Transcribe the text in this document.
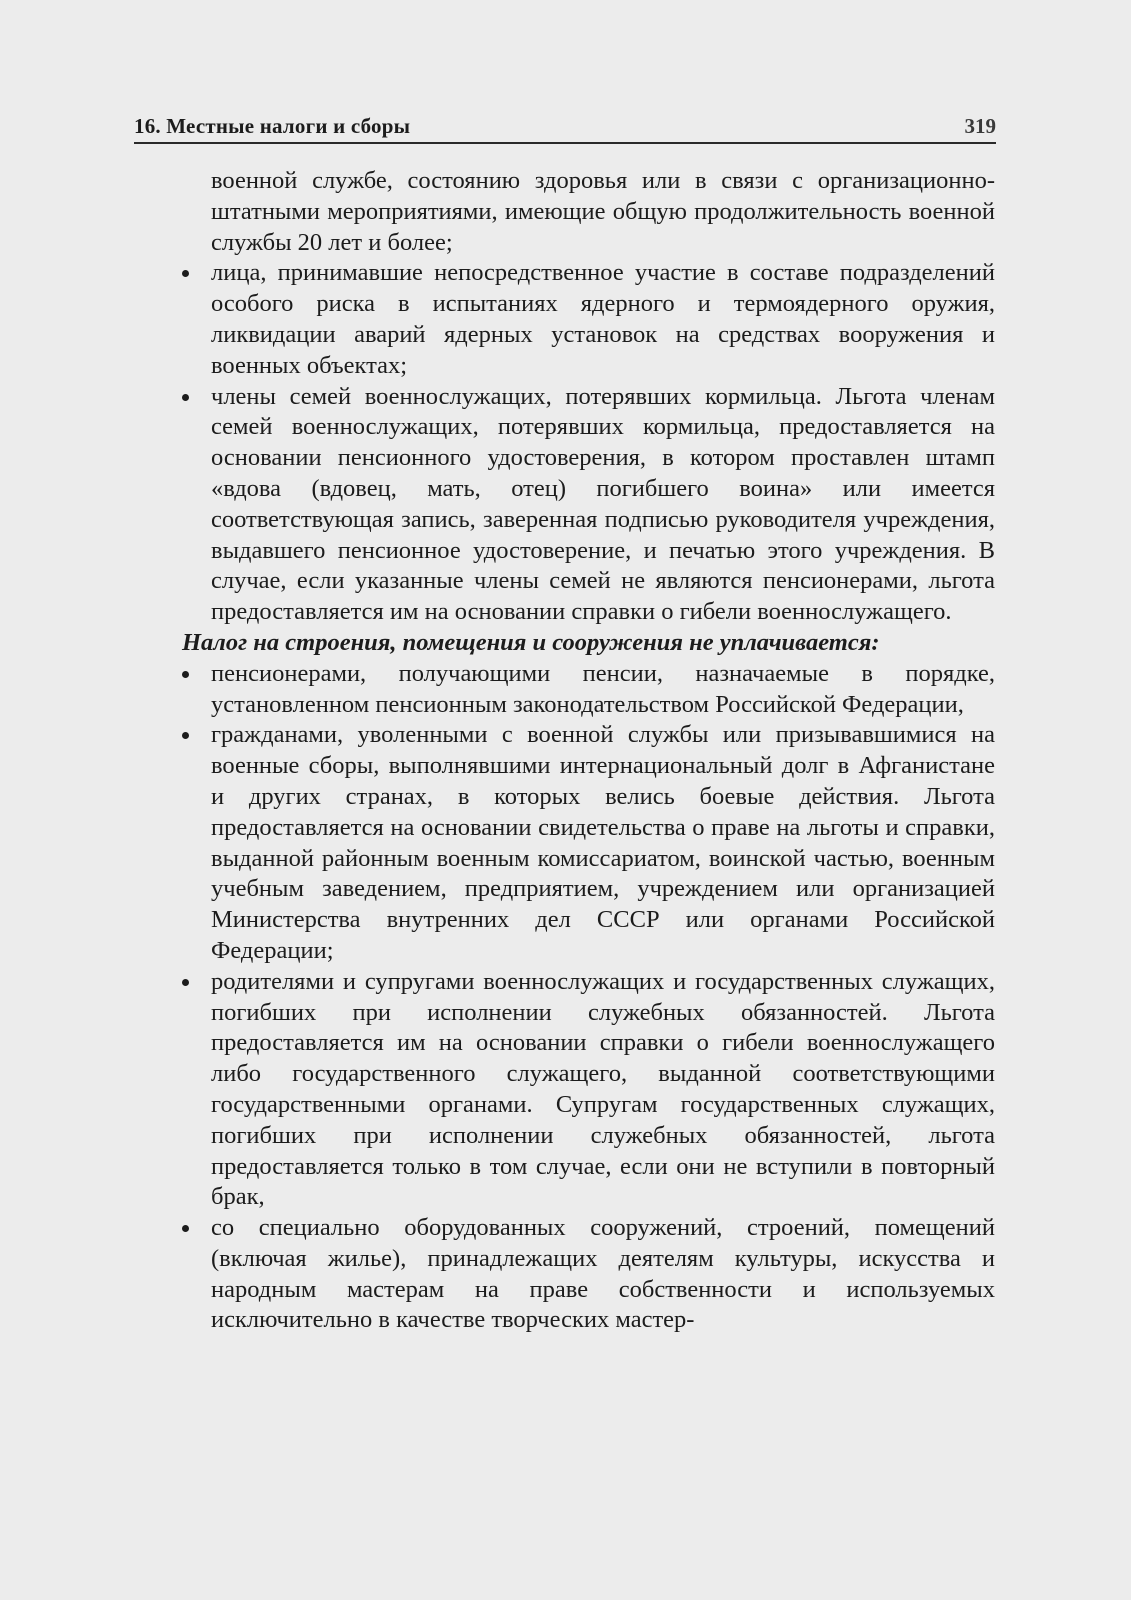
16. Местные налоги и сборы	319

военной службе, состоянию здоровья или в связи с организационно-штатными мероприятиями, имеющие общую продолжительность военной службы 20 лет и более;

лица, принимавшие непосредственное участие в составе подразделений особого риска в испытаниях ядерного и термоядерного оружия, ликвидации аварий ядерных установок на средствах вооружения и военных объектах;

члены семей военнослужащих, потерявших кормильца. Льгота членам семей военнослужащих, потерявших кормильца, предоставляется на основании пенсионного удостоверения, в котором проставлен штамп «вдова (вдовец, мать, отец) погибшего воина» или имеется соответствующая запись, заверенная подписью руководителя учреждения, выдавшего пенсионное удостоверение, и печатью этого учреждения. В случае, если указанные члены семей не являются пенсионерами, льгота предоставляется им на основании справки о гибели военнослужащего.

Налог на строения, помещения и сооружения не уплачивается:

пенсионерами, получающими пенсии, назначаемые в порядке, установленном пенсионным законодательством Российской Федерации,

гражданами, уволенными с военной службы или призывавшимися на военные сборы, выполнявшими интернациональный долг в Афганистане и других странах, в которых велись боевые действия. Льгота предоставляется на основании свидетельства о праве на льготы и справки, выданной районным военным комиссариатом, воинской частью, военным учебным заведением, предприятием, учреждением или организацией Министерства внутренних дел СССР или органами Российской Федерации;

родителями и супругами военнослужащих и государственных служащих, погибших при исполнении служебных обязанностей. Льгота предоставляется им на основании справки о гибели военнослужащего либо государственного служащего, выданной соответствующими государственными органами. Супругам государственных служащих, погибших при исполнении служебных обязанностей, льгота предоставляется только в том случае, если они не вступили в повторный брак,

со специально оборудованных сооружений, строений, помещений (включая жилье), принадлежащих деятелям культуры, искусства и народным мастерам на праве собственности и используемых исключительно в качестве творческих мастер-
